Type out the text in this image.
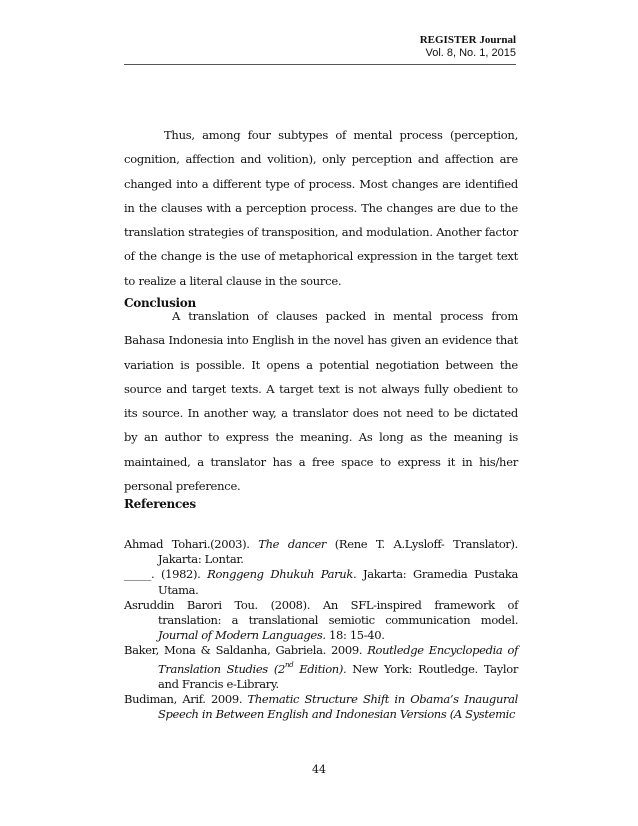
REGISTER Journal
Vol. 8, No. 1, 2015
Thus, among four subtypes of mental process (perception, cognition, affection and volition), only perception and affection are changed into a different type of process. Most changes are identified in the clauses with a perception process. The changes are due to the translation strategies of transposition, and modulation. Another factor of the change is the use of metaphorical expression in the target text to realize a literal clause in the source.
Conclusion
A translation of clauses packed in mental process from Bahasa Indonesia into English in the novel has given an evidence that variation is possible. It opens a potential negotiation between the source and target texts. A target text is not always fully obedient to its source. In another way, a translator does not need to be dictated by an author to express the meaning. As long as the meaning is maintained, a translator has a free space to express it in his/her personal preference.
References
Ahmad Tohari.(2003). The dancer (Rene T. A.Lysloff- Translator). Jakarta: Lontar.
_____. (1982). Ronggeng Dhukuh Paruk. Jakarta: Gramedia Pustaka Utama.
Asruddin Barori Tou. (2008). An SFL-inspired framework of translation: a translational semiotic communication model. Journal of Modern Languages. 18: 15-40.
Baker, Mona & Saldanha, Gabriela. 2009. Routledge Encyclopedia of Translation Studies (2nd Edition). New York: Routledge. Taylor and Francis e-Library.
Budiman, Arif. 2009. Thematic Structure Shift in Obama’s Inaugural Speech in Between English and Indonesian Versions (A Systemic
44
